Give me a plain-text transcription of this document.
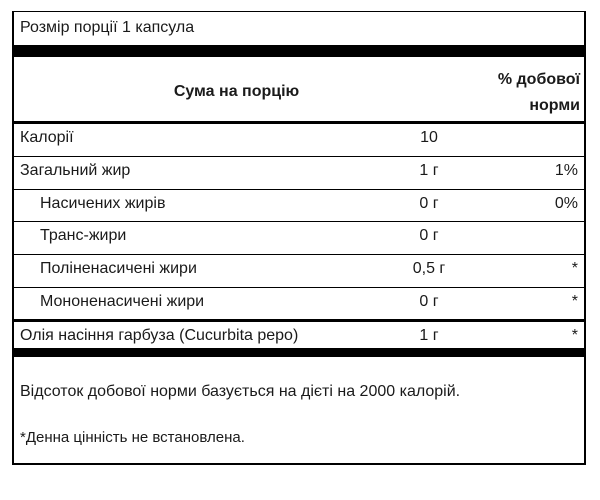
Розмір порції 1 капсула
Сума на порцію
% добової
норми
Калорії	10
Загальний жир	1 г	1%
Насичених жирів	0 г	0%
Транс-жири	0 г
Поліненасичені жири	0,5 г	*
Мононенасичені жири	0 г	*
Олія насіння гарбуза (Cucurbita pepo)	1 г	*
Відсоток добової норми базується на дієті на 2000 калорій.
*Денна цінність не встановлена.
